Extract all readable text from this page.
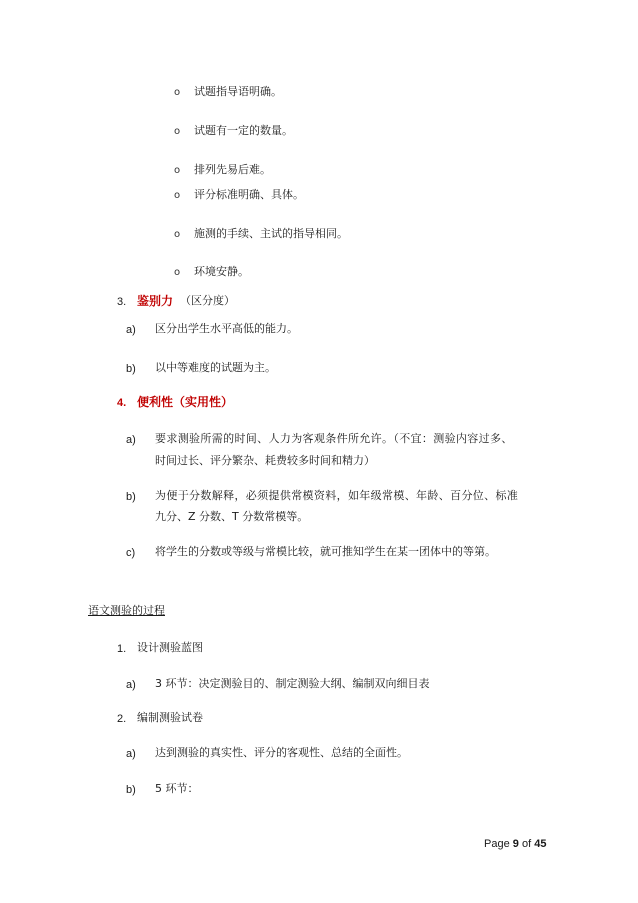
o 试题指导语明确。
o 试题有一定的数量。
o 排列先易后难。
o 评分标准明确、具体。
o 施测的手续、主试的指导相同。
o 环境安静。
3. 鉴别力 （区分度）
a) 区分出学生水平高低的能力。
b) 以中等难度的试题为主。
4. 便利性（实用性）
a) 要求测验所需的时间、人力为客观条件所允许。（不宜：测验内容过多、
时间过长、评分繁杂、耗费较多时间和精力）
b) 为便于分数解释，必须提供常模资料，如年级常模、年龄、百分位、标准
九分、Z 分数、T 分数常模等。
c) 将学生的分数或等级与常模比较，就可推知学生在某一团体中的等第。
语文测验的过程
1. 设计测验蓝图
a) 3 环节：决定测验目的、制定测验大纲、编制双向细目表
2. 编制测验试卷
a) 达到测验的真实性、评分的客观性、总结的全面性。
b) 5 环节：
Page 9 of 45
